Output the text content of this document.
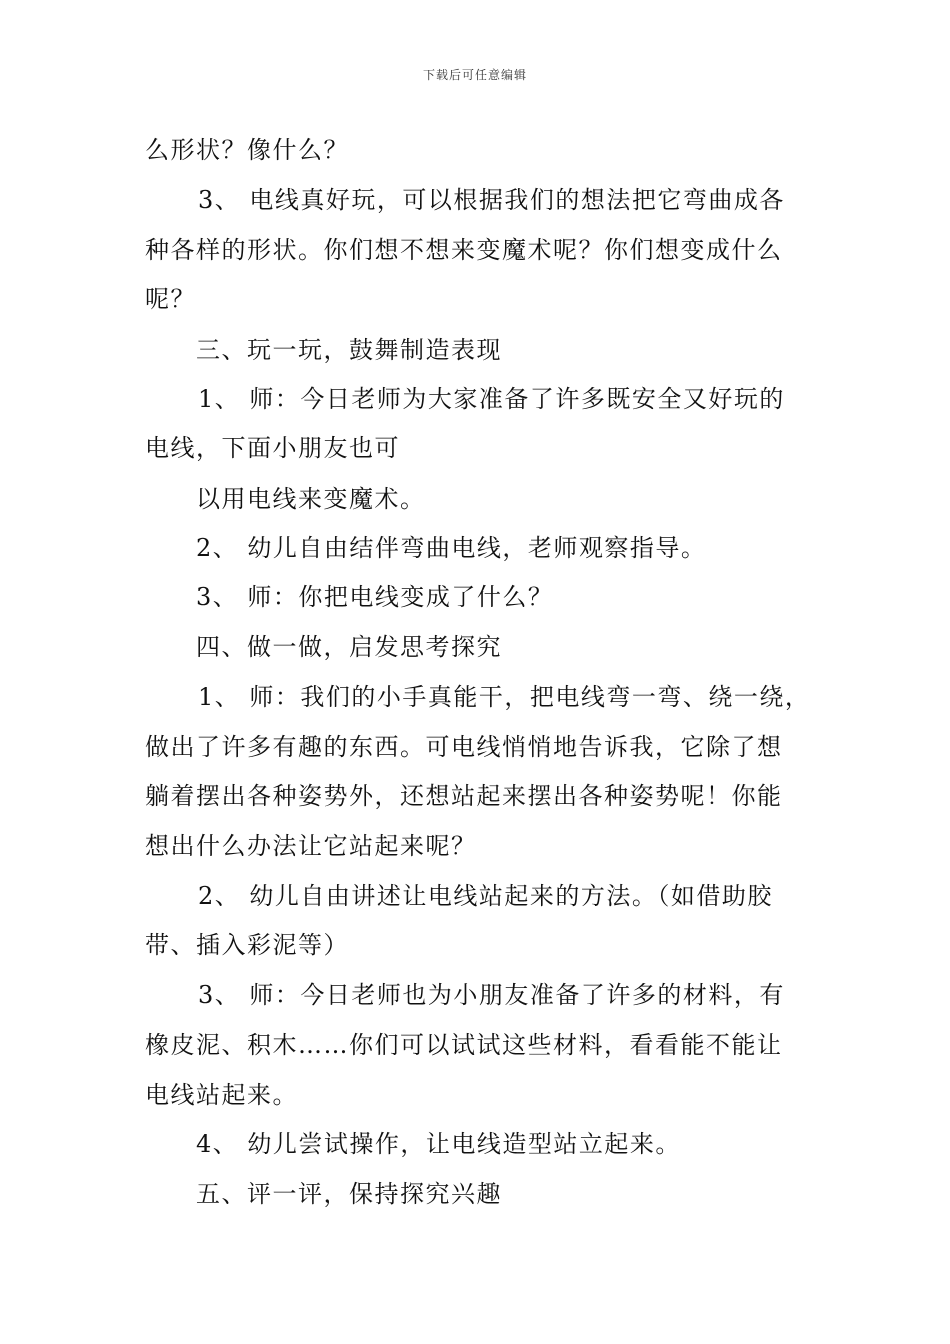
下载后可任意编辑
么形状？像什么？
3、 电线真好玩，可以根据我们的想法把它弯曲成各
种各样的形状。你们想不想来变魔术呢？你们想变成什么
呢？
三、玩一玩，鼓舞制造表现
1、 师：今日老师为大家准备了许多既安全又好玩的
电线，下面小朋友也可
以用电线来变魔术。
2、 幼儿自由结伴弯曲电线，老师观察指导。
3、 师：你把电线变成了什么？
四、做一做，启发思考探究
1、 师：我们的小手真能干，把电线弯一弯、绕一绕，
做出了许多有趣的东西。可电线悄悄地告诉我，它除了想
躺着摆出各种姿势外，还想站起来摆出各种姿势呢！你能
想出什么办法让它站起来呢？
2、 幼儿自由讲述让电线站起来的方法。（如借助胶
带、插入彩泥等）
3、 师：今日老师也为小朋友准备了许多的材料，有
橡皮泥、积木……你们可以试试这些材料，看看能不能让
电线站起来。
4、 幼儿尝试操作，让电线造型站立起来。
五、评一评，保持探究兴趣
